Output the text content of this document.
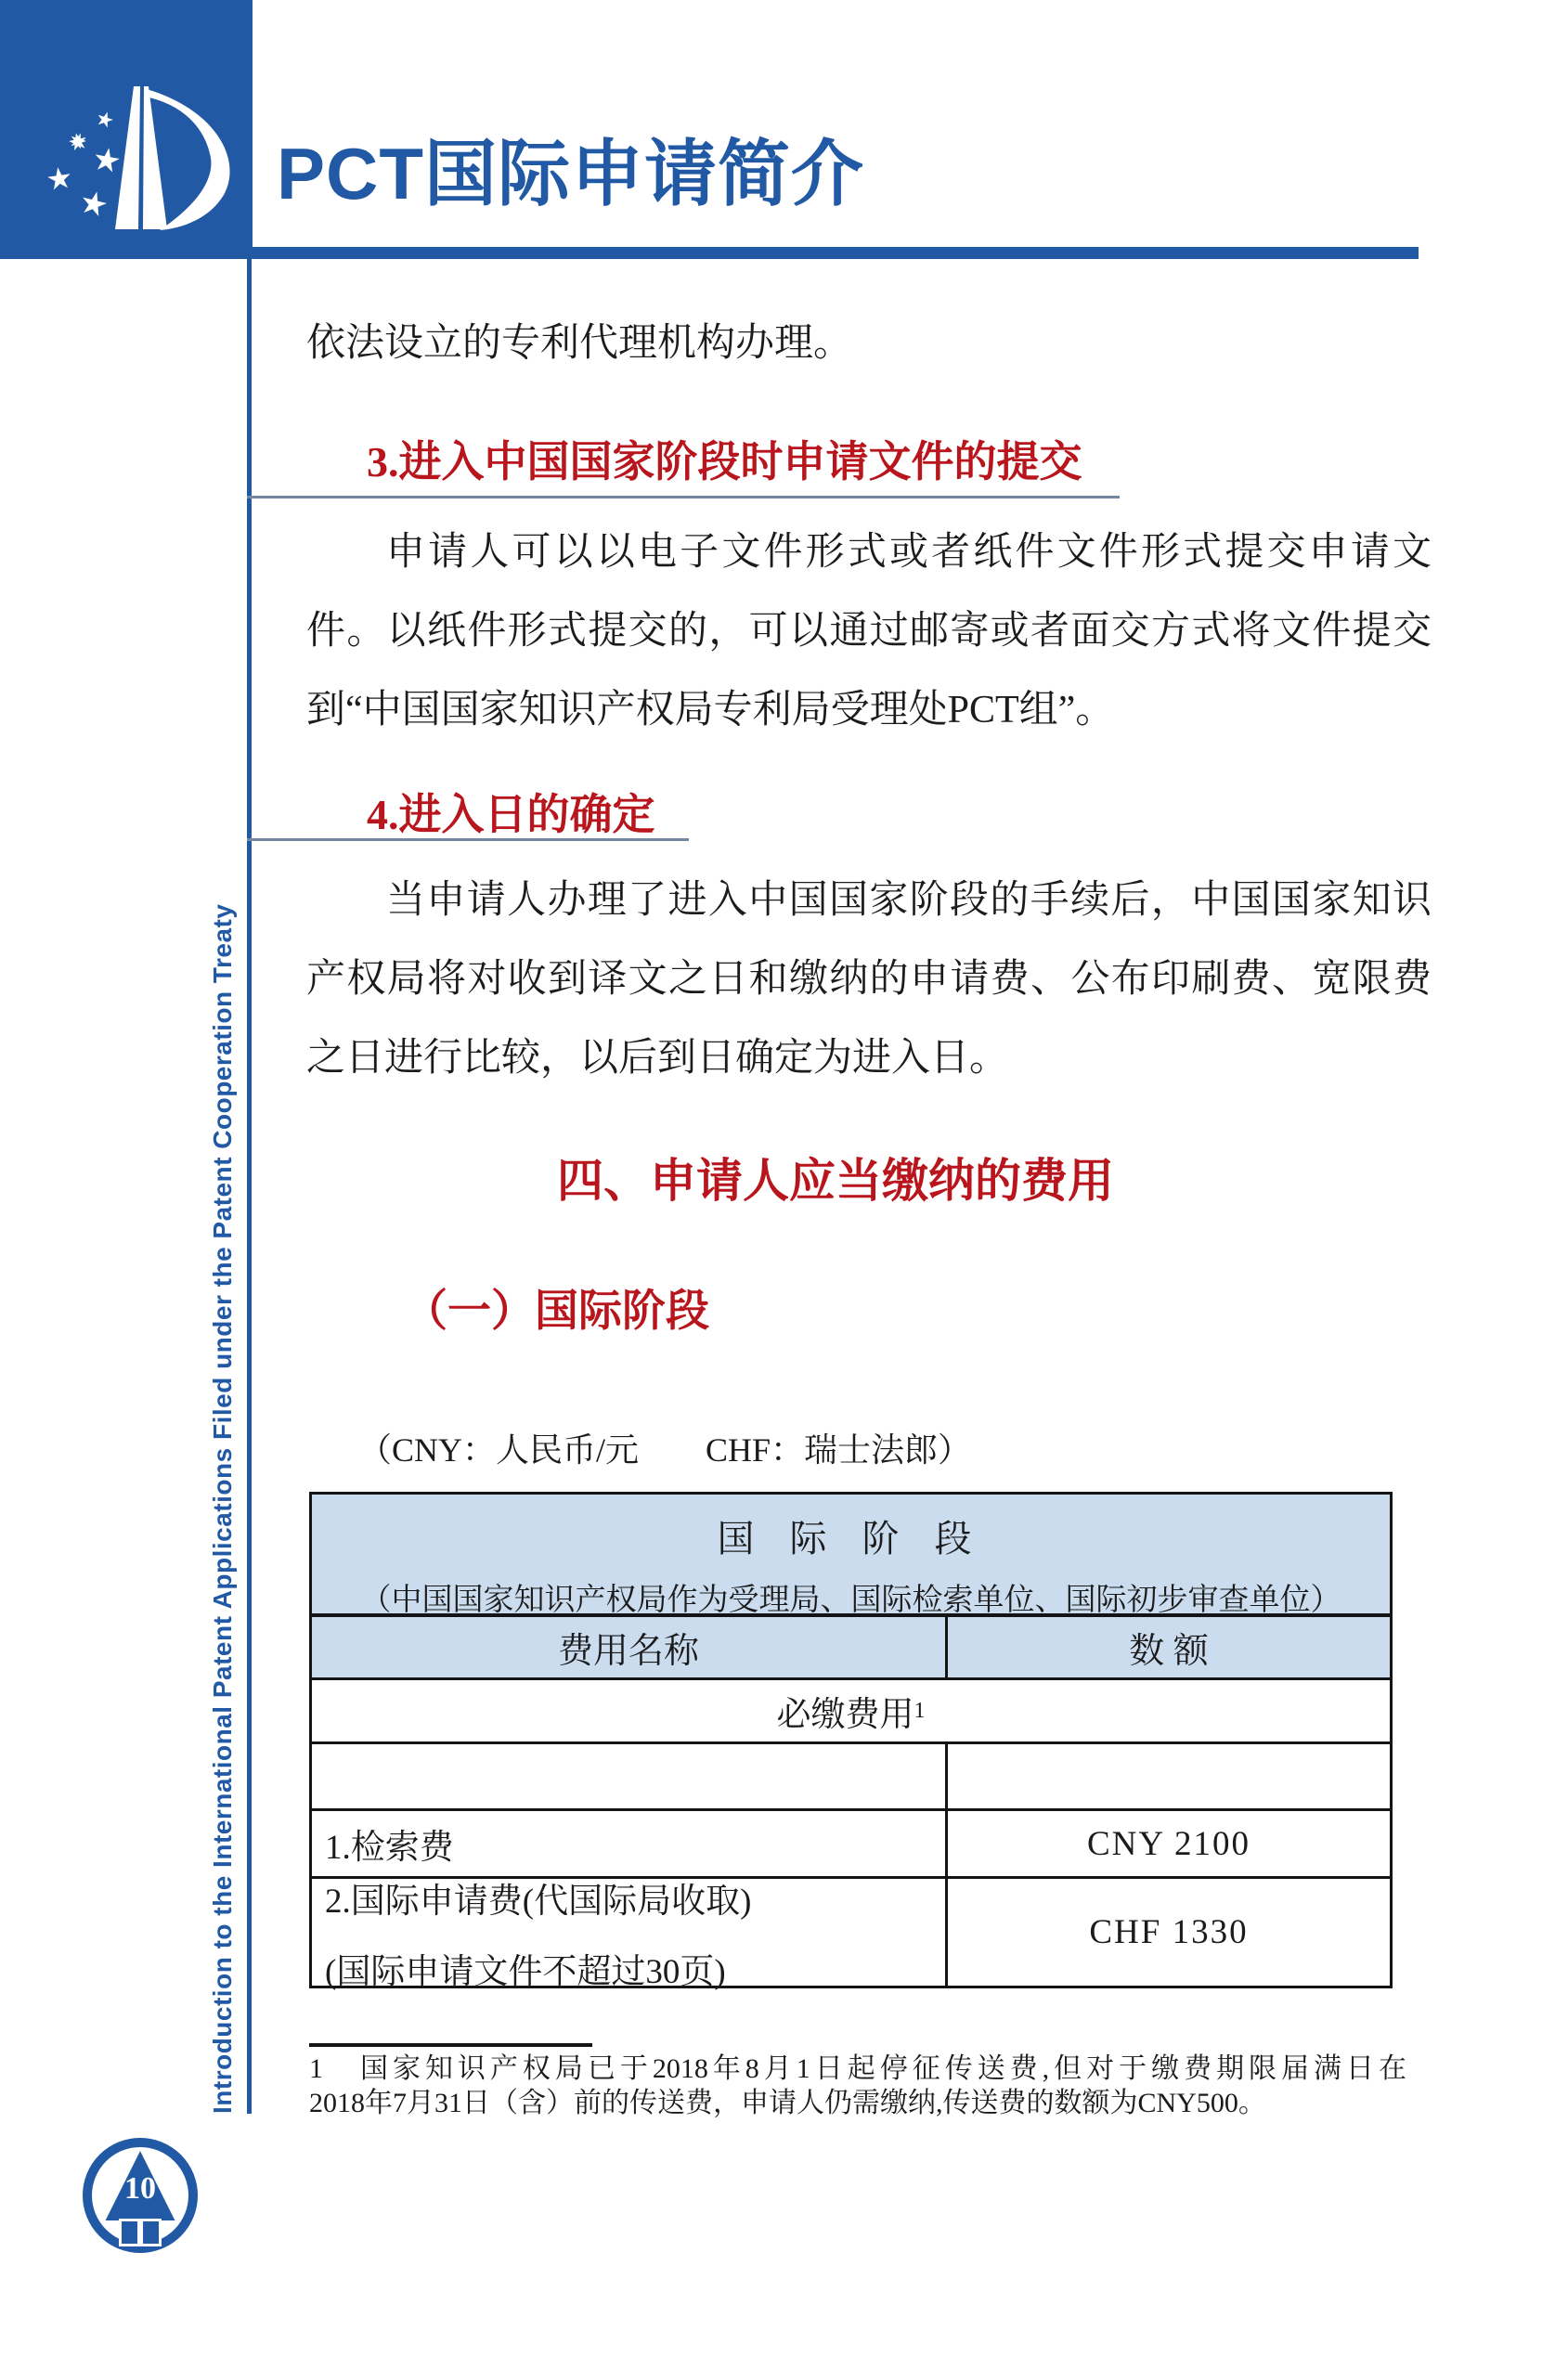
PCT国际申请简介
Introduction to the International Patent Applications Filed under the Patent Cooperation Treaty
依法设立的专利代理机构办理。
3.进入中国国家阶段时申请文件的提交
申请人可以以电子文件形式或者纸件文件形式提交申请文
件。以纸件形式提交的，可以通过邮寄或者面交方式将文件提交
到“中国国家知识产权局专利局受理处PCT组”。
4.进入日的确定
当申请人办理了进入中国国家阶段的手续后，中国国家知识
产权局将对收到译文之日和缴纳的申请费、公布印刷费、宽限费
之日进行比较，以后到日确定为进入日。
四、申请人应当缴纳的费用
（一）国际阶段
（CNY：人民币/元　　CHF：瑞士法郎）
国 际 阶 段
（中国国家知识产权局作为受理局、国际检索单位、国际初步审查单位）
费用名称	数 额
必缴费用 1
1.检索费	CNY 2100
2.国际申请费(代国际局收取)
(国际申请文件不超过30页)
CHF 1330
1　国家知识产权局已于2018年8月1日起停征传送费,但对于缴费期限届满日在
2018年7月31日（含）前的传送费，申请人仍需缴纳,传送费的数额为CNY500。
10
